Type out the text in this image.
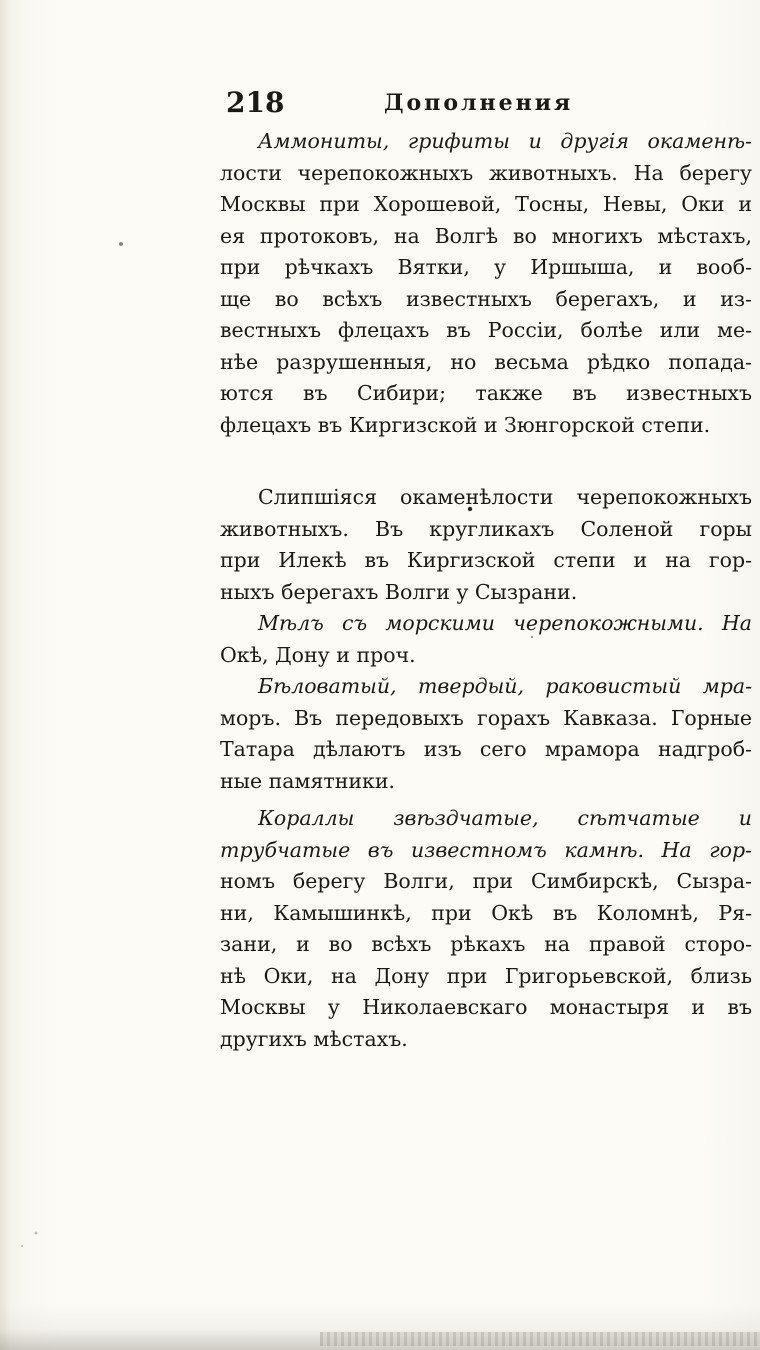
218	Дополнения
Аммониты, грифиты и другія окаменѣ-
лости черепокожныхъ животныхъ. На берегу
Москвы при Хорошевой, Тосны, Невы, Оки и
ея протоковъ, на Волгѣ во многихъ мѣстахъ,
при рѣчкахъ Вятки, у Иршыша, и вооб-
ще во всѣхъ известныхъ берегахъ, и из-
вестныхъ флецахъ въ Россіи, болѣе или ме-
нѣе разрушенныя, но весьма рѣдко попада-
ются въ Сибири; также въ известныхъ
флецахъ въ Киргизской и Зюнгорской степи.
Слипшіяся окаменѣлости черепокожныхъ
животныхъ. Въ кругликахъ Соленой горы
при Илекѣ въ Киргизской степи и на гор-
ныхъ берегахъ Волги у Сызрани.
Мѣлъ съ морскими черепокожными. На
Окѣ, Дону и проч.
Бѣловатый, твердый, раковистый мра-
моръ. Въ передовыхъ горахъ Кавказа. Горные
Татара дѣлаютъ изъ сего мрамора надгроб-
ные памятники.
Кораллы звѣздчатые, сѣтчатые и
трубчатые въ известномъ камнѣ. На гор-
номъ берегу Волги, при Симбирскѣ, Сызра-
ни, Камышинкѣ, при Окѣ въ Коломнѣ, Ря-
зани, и во всѣхъ рѣкахъ на правой сторо-
нѣ Оки, на Дону при Григорьевской, близь
Москвы у Николаевскаго монастыря и въ
другихъ мѣстахъ.
